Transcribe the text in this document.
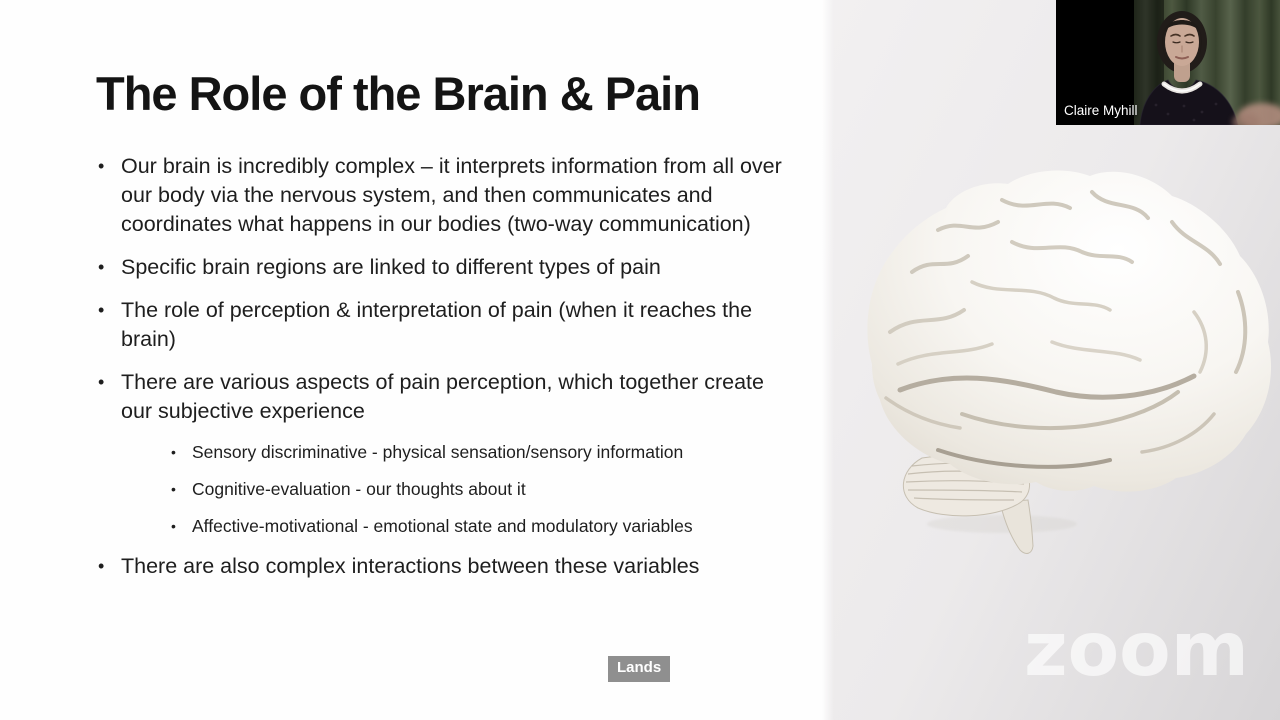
The Role of the Brain & Pain
•
Our brain is incredibly complex – it interprets information from all over our body via the nervous system, and then communicates and coordinates what happens in our bodies (two-way communication)
•
Specific brain regions are linked to different types of pain
•
The role of perception & interpretation of pain (when it reaches the brain)
•
There are various aspects of pain perception, which together create our subjective experience
•
Sensory discriminative - physical sensation/sensory information
•
Cognitive-evaluation - our thoughts about it
•
Affective-motivational - emotional state and modulatory variables
•
There are also complex interactions between these variables
Lands	zoom
Claire Myhill
